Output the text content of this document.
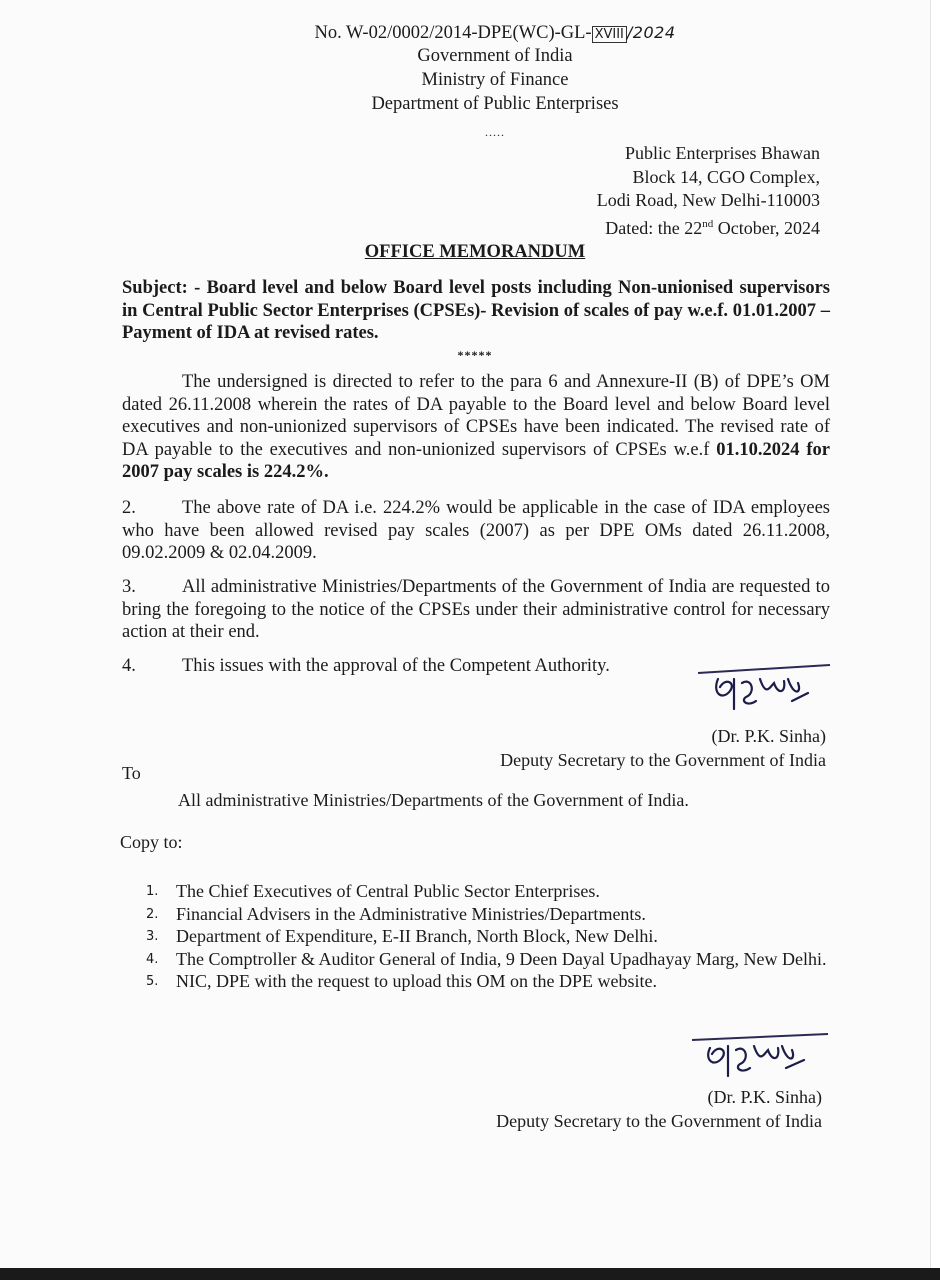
No. W-02/0002/2014-DPE(WC)-GL- XVIII /2024
Government of India
Ministry of Finance
Department of Public Enterprises
.....
Public Enterprises Bhawan
Block 14, CGO Complex,
Lodi Road, New Delhi-110003
Dated: the 22nd October, 2024
OFFICE MEMORANDUM
Subject: - Board level and below Board level posts including Non-unionised supervisors in Central Public Sector Enterprises (CPSEs)- Revision of scales of pay w.e.f. 01.01.2007 – Payment of IDA at revised rates.
*****
The undersigned is directed to refer to the para 6 and Annexure-II (B) of DPE’s OM dated 26.11.2008 wherein the rates of DA payable to the Board level and below Board level executives and non-unionized supervisors of CPSEs have been indicated. The revised rate of DA payable to the executives and non-unionized supervisors of CPSEs w.e.f 01.10.2024 for 2007 pay scales is 224.2%.
2. The above rate of DA i.e. 224.2% would be applicable in the case of IDA employees who have been allowed revised pay scales (2007) as per DPE OMs dated 26.11.2008, 09.02.2009 & 02.04.2009.
3. All administrative Ministries/Departments of the Government of India are requested to bring the foregoing to the notice of the CPSEs under their administrative control for necessary action at their end.
4. This issues with the approval of the Competent Authority.
(Dr. P.K. Sinha)
Deputy Secretary to the Government of India
To
All administrative Ministries/Departments of the Government of India.
Copy to:
1. The Chief Executives of Central Public Sector Enterprises.
2. Financial Advisers in the Administrative Ministries/Departments.
3. Department of Expenditure, E-II Branch, North Block, New Delhi.
4. The Comptroller & Auditor General of India, 9 Deen Dayal Upadhayay Marg, New Delhi.
5. NIC, DPE with the request to upload this OM on the DPE website.
(Dr. P.K. Sinha)
Deputy Secretary to the Government of India
